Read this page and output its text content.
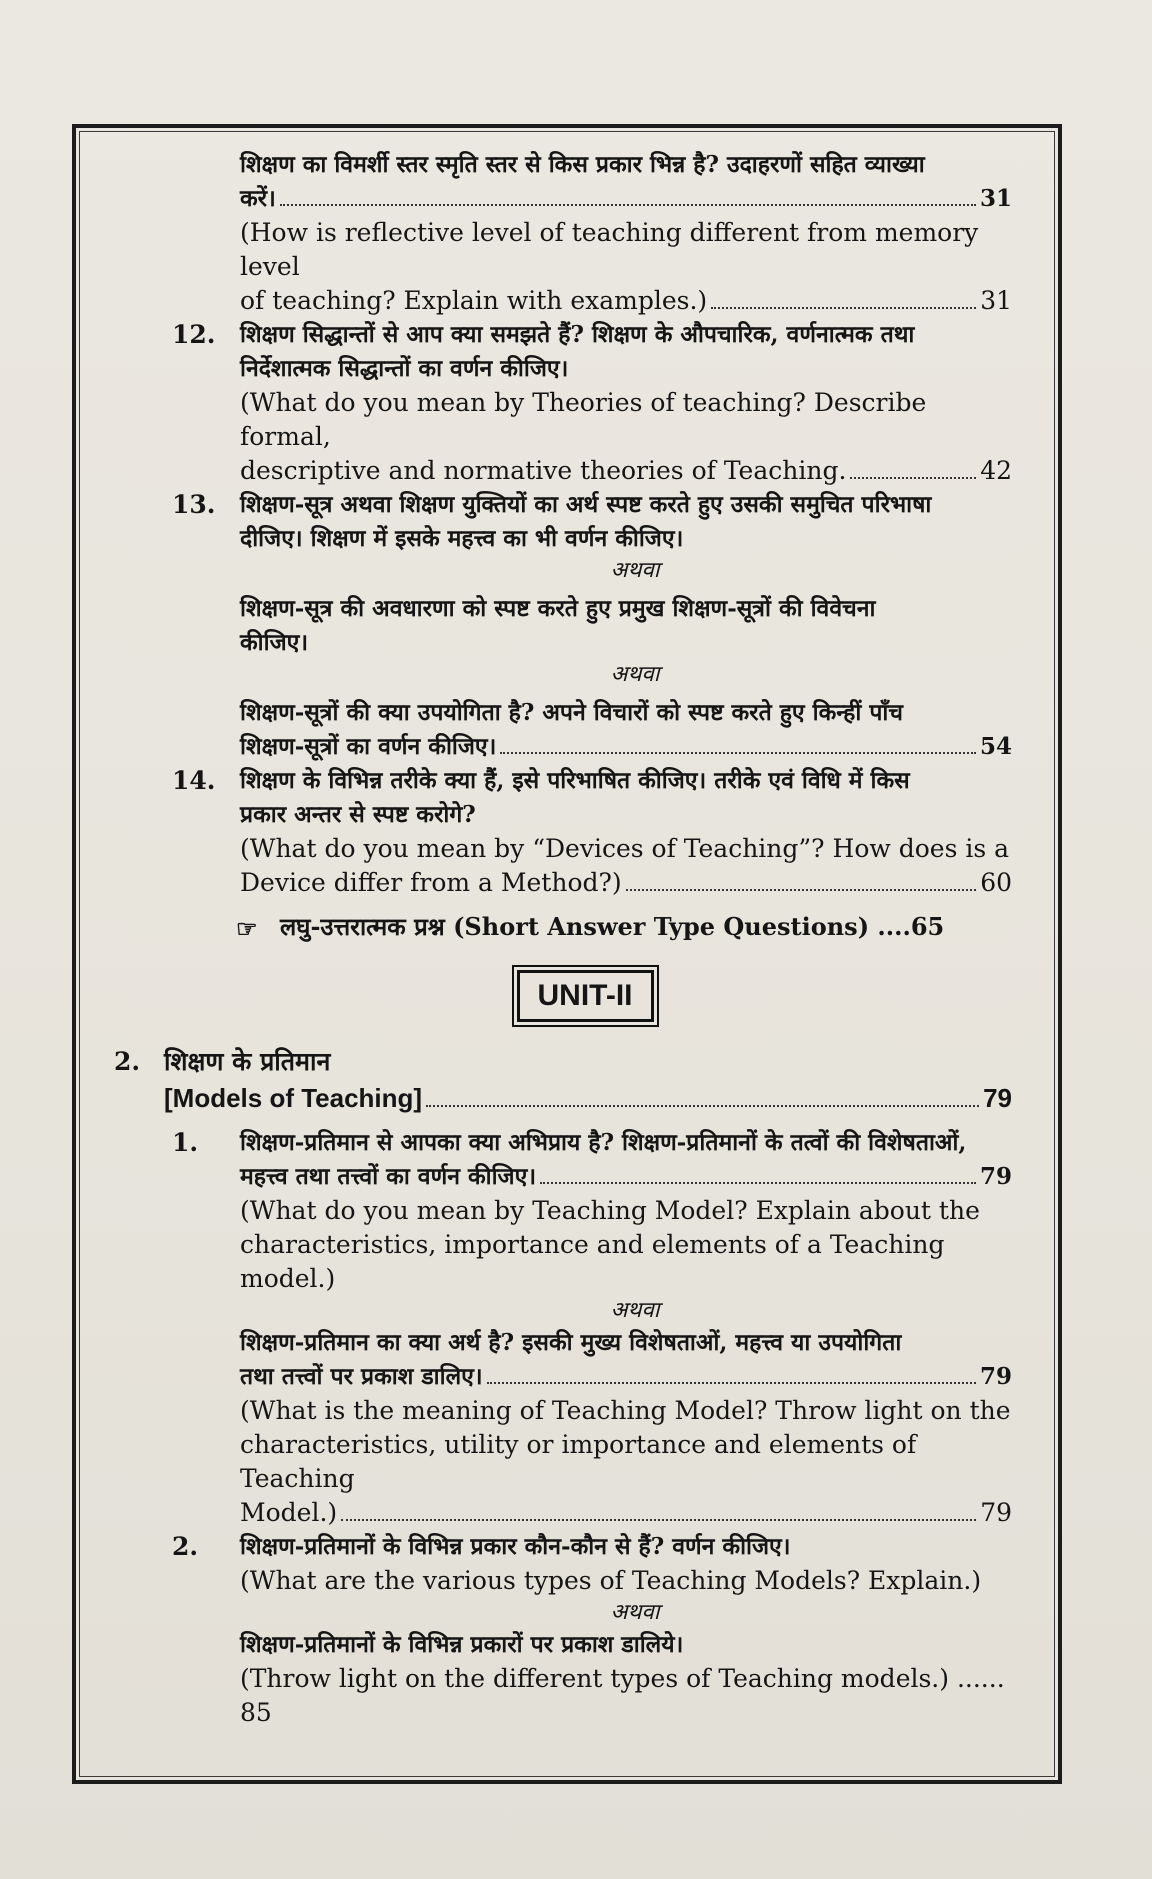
शिक्षण का विमर्शी स्तर स्मृति स्तर से किस प्रकार भिन्न है? उदाहरणों सहित व्याख्या
करें।	31
(How is reflective level of teaching different from memory level
of teaching? Explain with examples.)	31
12. शिक्षण सिद्धान्तों से आप क्या समझते हैं? शिक्षण के औपचारिक, वर्णनात्मक तथा
निर्देशात्मक सिद्धान्तों का वर्णन कीजिए।
(What do you mean by Theories of teaching? Describe formal,
descriptive and normative theories of Teaching.	42
13. शिक्षण-सूत्र अथवा शिक्षण युक्तियों का अर्थ स्पष्ट करते हुए उसकी समुचित परिभाषा
दीजिए। शिक्षण में इसके महत्त्व का भी वर्णन कीजिए।
अथवा
शिक्षण-सूत्र की अवधारणा को स्पष्ट करते हुए प्रमुख शिक्षण-सूत्रों की विवेचना
कीजिए।
अथवा
शिक्षण-सूत्रों की क्या उपयोगिता है? अपने विचारों को स्पष्ट करते हुए किन्हीं पाँच
शिक्षण-सूत्रों का वर्णन कीजिए।	54
14. शिक्षण के विभिन्न तरीके क्या हैं, इसे परिभाषित कीजिए। तरीके एवं विधि में किस
प्रकार अन्तर से स्पष्ट करोगे?
(What do you mean by “Devices of Teaching”? How does is a
Device differ from a Method?)	60
☞ लघु-उत्तरात्मक प्रश्न (Short Answer Type Questions) ....65
UNIT-II
2. शिक्षण के प्रतिमान
[Models of Teaching]	79
1. शिक्षण-प्रतिमान से आपका क्या अभिप्राय है? शिक्षण-प्रतिमानों के तत्वों की विशेषताओं,
महत्त्व तथा तत्त्वों का वर्णन कीजिए।	79
(What do you mean by Teaching Model? Explain about the
characteristics, importance and elements of a Teaching model.)
अथवा
शिक्षण-प्रतिमान का क्या अर्थ है? इसकी मुख्य विशेषताओं, महत्त्व या उपयोगिता
तथा तत्त्वों पर प्रकाश डालिए।	79
(What is the meaning of Teaching Model? Throw light on the
characteristics, utility or importance and elements of Teaching
Model.)	79
2. शिक्षण-प्रतिमानों के विभिन्न प्रकार कौन-कौन से हैं? वर्णन कीजिए।
(What are the various types of Teaching Models? Explain.)
अथवा
शिक्षण-प्रतिमानों के विभिन्न प्रकारों पर प्रकाश डालिये।
(Throw light on the different types of Teaching models.) ...... 85
